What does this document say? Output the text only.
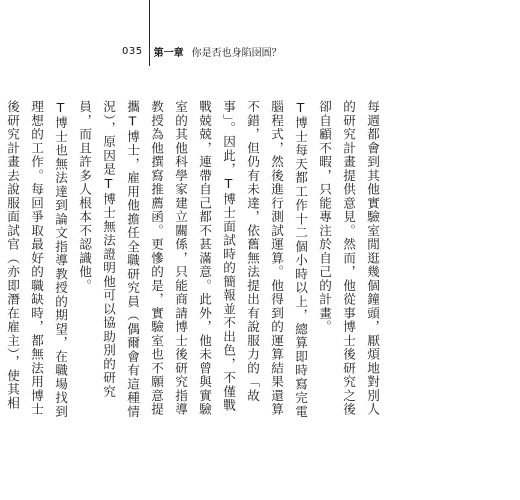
035 第一章 你是否也身陷囹圄？

每週都會到其他實驗室閒逛幾個鐘頭，厭煩地對別人的研究計畫提供意見。然而，他從事博士後研究之後卻自顧不暇，只能專注於自己的計畫。

T博士每天都工作十二個小時以上，總算即時寫完電腦程式，然後進行測試運算。他得到的運算結果還算不錯，但仍有未達，依舊無法提出有說服力的「故事」。因此，T博士面試時的簡報並不出色，不僅戰戰兢兢，連帶自己都不甚滿意。此外，他未曾與實驗室的其他科學家建立關係，只能商請博士後研究指導教授為他撰寫推薦函。更慘的是，實驗室也不願意提攜T博士，雇用他擔任全職研究員（偶爾會有這種情況），原因是T博士無法證明他可以協助別的研究員，而且許多人根本不認識他。

T博士也無法達到論文指導教授的期望，在職場找到理想的工作。每回爭取最好的職缺時，都無法用博士後研究計畫去說服面試官（亦即潛在雇主），使其相
